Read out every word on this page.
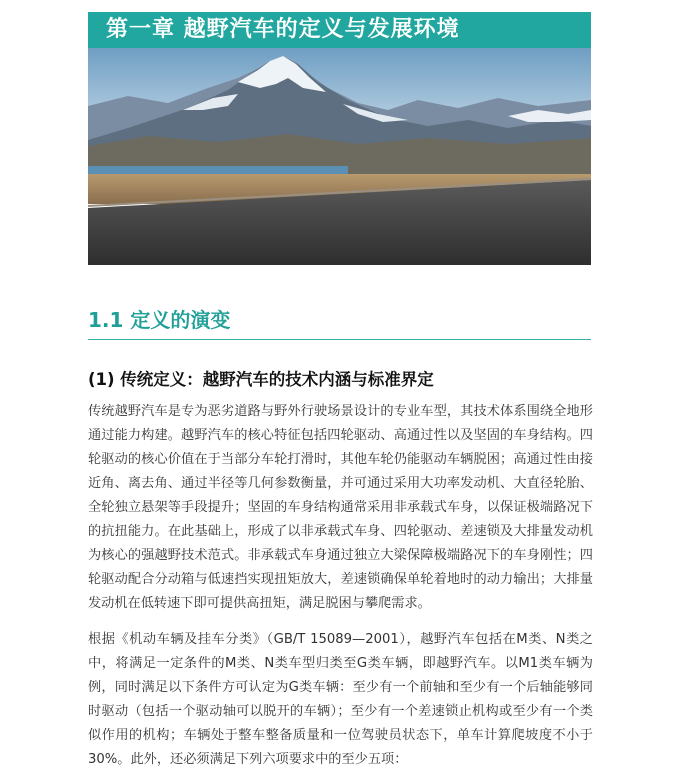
第一章 越野汽车的定义与发展环境
1.1 定义的演变
(1) 传统定义：越野汽车的技术内涵与标准界定
传统越野汽车是专为恶劣道路与野外行驶场景设计的专业车型，其技术体系围绕全地形通过能力构建。越野汽车的核心特征包括四轮驱动、高通过性以及坚固的车身结构。四轮驱动的核心价值在于当部分车轮打滑时，其他车轮仍能驱动车辆脱困；高通过性由接近角、离去角、通过半径等几何参数衡量，并可通过采用大功率发动机、大直径轮胎、全轮独立悬架等手段提升；坚固的车身结构通常采用非承载式车身，以保证极端路况下的抗扭能力。在此基础上，形成了以非承载式车身、四轮驱动、差速锁及大排量发动机为核心的强越野技术范式。非承载式车身通过独立大梁保障极端路况下的车身刚性；四轮驱动配合分动箱与低速挡实现扭矩放大，差速锁确保单轮着地时的动力输出；大排量发动机在低转速下即可提供高扭矩，满足脱困与攀爬需求。
根据《机动车辆及挂车分类》（GB/T 15089—2001），越野汽车包括在M类、N类之中，将满足一定条件的M类、N类车型归类至G类车辆，即越野汽车。以M1类车辆为例，同时满足以下条件方可认定为G类车辆：至少有一个前轴和至少有一个后轴能够同时驱动（包括一个驱动轴可以脱开的车辆）；至少有一个差速锁止机构或至少有一个类似作用的机构；车辆处于整车整备质量和一位驾驶员状态下，单车计算爬坡度不小于30%。此外，还必须满足下列六项要求中的至少五项：
